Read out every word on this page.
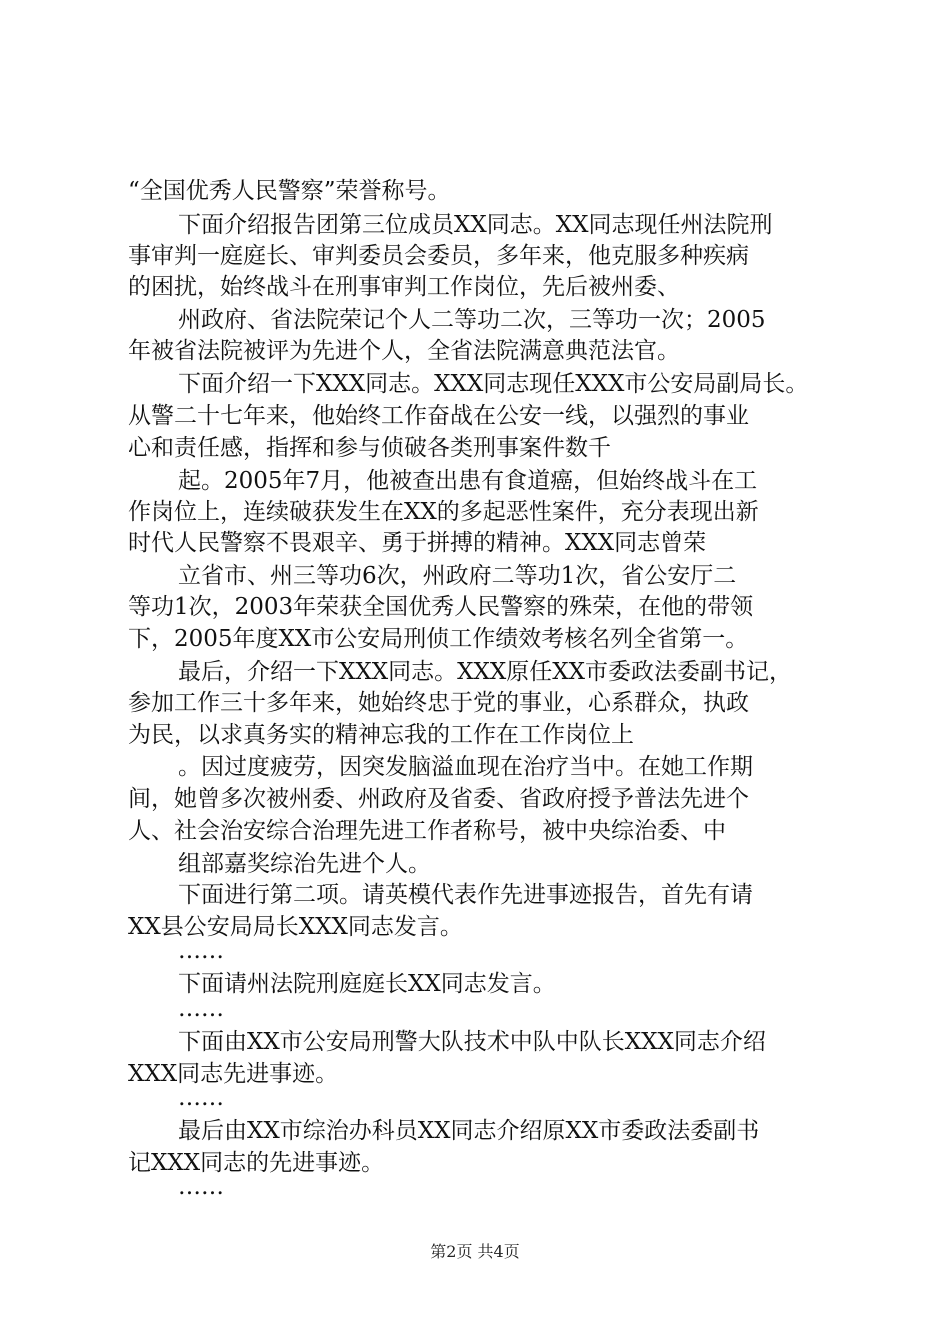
“全国优秀人民警察”荣誉称号。
下面介绍报告团第三位成员XX同志。XX同志现任州法院刑
事审判一庭庭长、审判委员会委员，多年来，他克服多种疾病
的困扰，始终战斗在刑事审判工作岗位，先后被州委、
州政府、省法院荣记个人二等功二次，三等功一次；2005
年被省法院被评为先进个人，全省法院满意典范法官。
下面介绍一下XXX同志。XXX同志现任XXX市公安局副局长。
从警二十七年来，他始终工作奋战在公安一线，以强烈的事业
心和责任感，指挥和参与侦破各类刑事案件数千
起。2005年7月，他被查出患有食道癌，但始终战斗在工
作岗位上，连续破获发生在XX的多起恶性案件，充分表现出新
时代人民警察不畏艰辛、勇于拼搏的精神。XXX同志曾荣
立省市、州三等功6次，州政府二等功1次，省公安厅二
等功1次，2003年荣获全国优秀人民警察的殊荣，在他的带领
下，2005年度XX市公安局刑侦工作绩效考核名列全省第一。
最后，介绍一下XXX同志。XXX原任XX市委政法委副书记，
参加工作三十多年来，她始终忠于党的事业，心系群众，执政
为民，以求真务实的精神忘我的工作在工作岗位上
。因过度疲劳，因突发脑溢血现在治疗当中。在她工作期
间，她曾多次被州委、州政府及省委、省政府授予普法先进个
人、社会治安综合治理先进工作者称号，被中央综治委、中
组部嘉奖综治先进个人。
下面进行第二项。请英模代表作先进事迹报告，首先有请
XX县公安局局长XXX同志发言。
……
下面请州法院刑庭庭长XX同志发言。
……
下面由XX市公安局刑警大队技术中队中队长XXX同志介绍
XXX同志先进事迹。
……
最后由XX市综治办科员XX同志介绍原XX市委政法委副书
记XXX同志的先进事迹。
……
第2页 共4页
